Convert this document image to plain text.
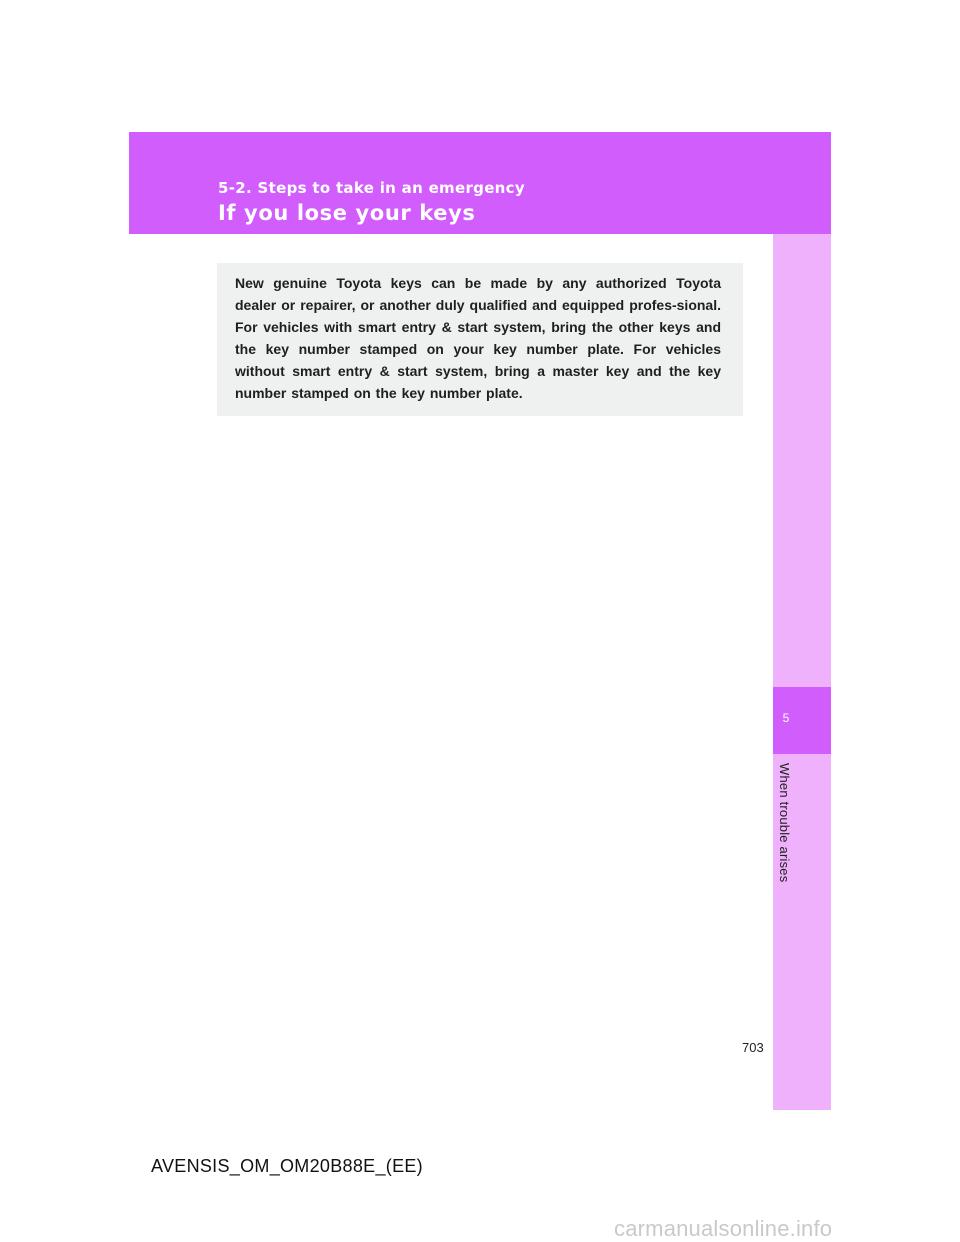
5-2. Steps to take in an emergency
If you lose your keys
5
When trouble arises

New genuine Toyota keys can be made by any authorized Toyota dealer or repairer, or another duly qualified and equipped profes-sional. For vehicles with smart entry & start system, bring the other keys and the key number stamped on your key number plate. For vehicles without smart entry & start system, bring a master key and the key number stamped on the key number plate.

703
AVENSIS_OM_OM20B88E_(EE)
carmanualsonline.info
